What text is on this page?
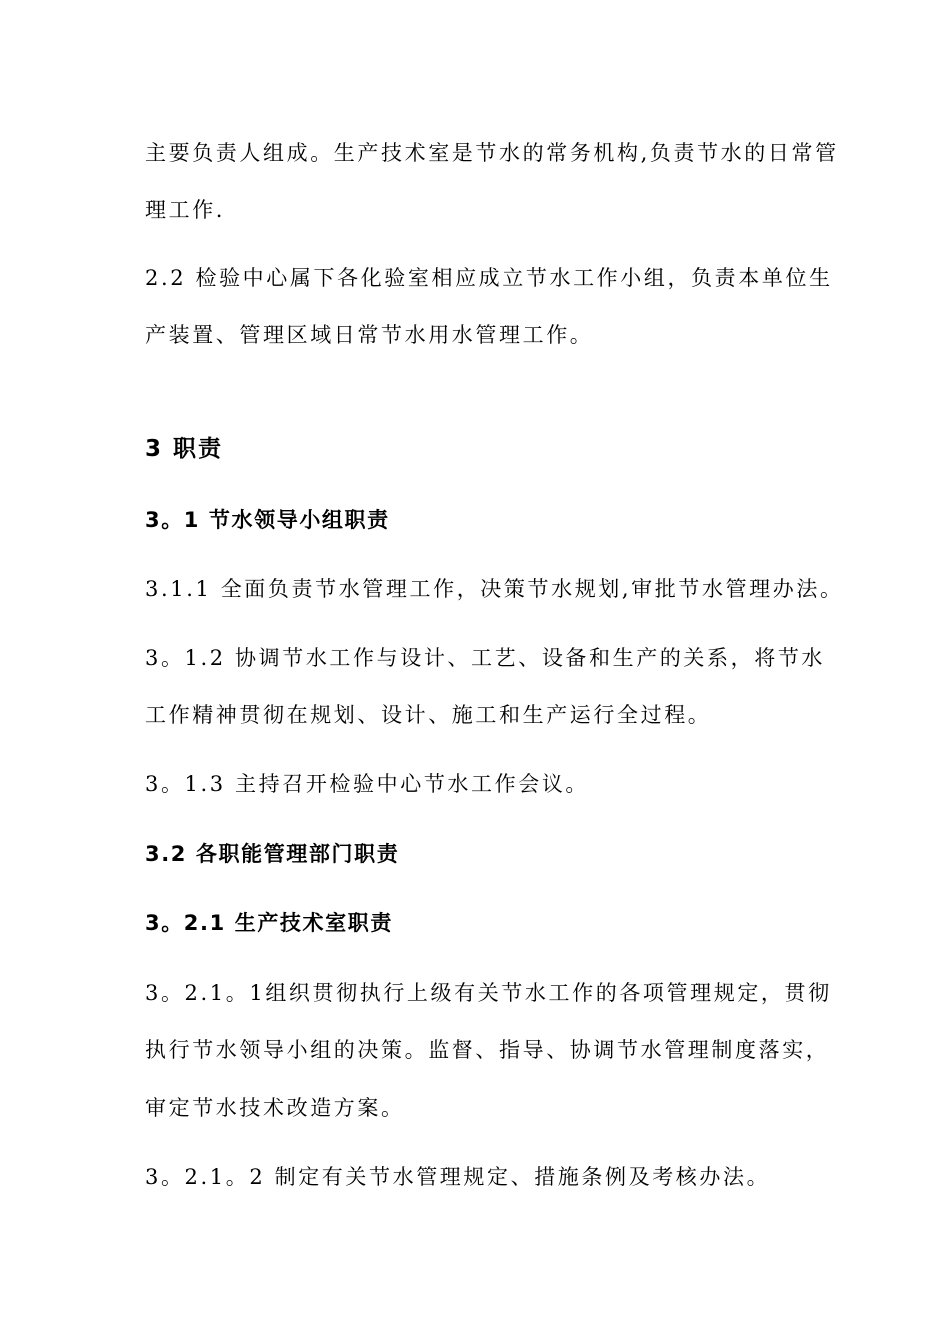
主要负责人组成。生产技术室是节水的常务机构,负责节水的日常管
理工作.
2.2 检验中心属下各化验室相应成立节水工作小组，负责本单位生
产装置、管理区域日常节水用水管理工作。
3 职责
3。1 节水领导小组职责
3.1.1 全面负责节水管理工作，决策节水规划,审批节水管理办法。
3。1.2 协调节水工作与设计、工艺、设备和生产的关系，将节水
工作精神贯彻在规划、设计、施工和生产运行全过程。
3。1.3 主持召开检验中心节水工作会议。
3.2 各职能管理部门职责
3。2.1 生产技术室职责
3。2.1。1组织贯彻执行上级有关节水工作的各项管理规定，贯彻
执行节水领导小组的决策。监督、指导、协调节水管理制度落实，
审定节水技术改造方案。
3。2.1。2 制定有关节水管理规定、措施条例及考核办法。
